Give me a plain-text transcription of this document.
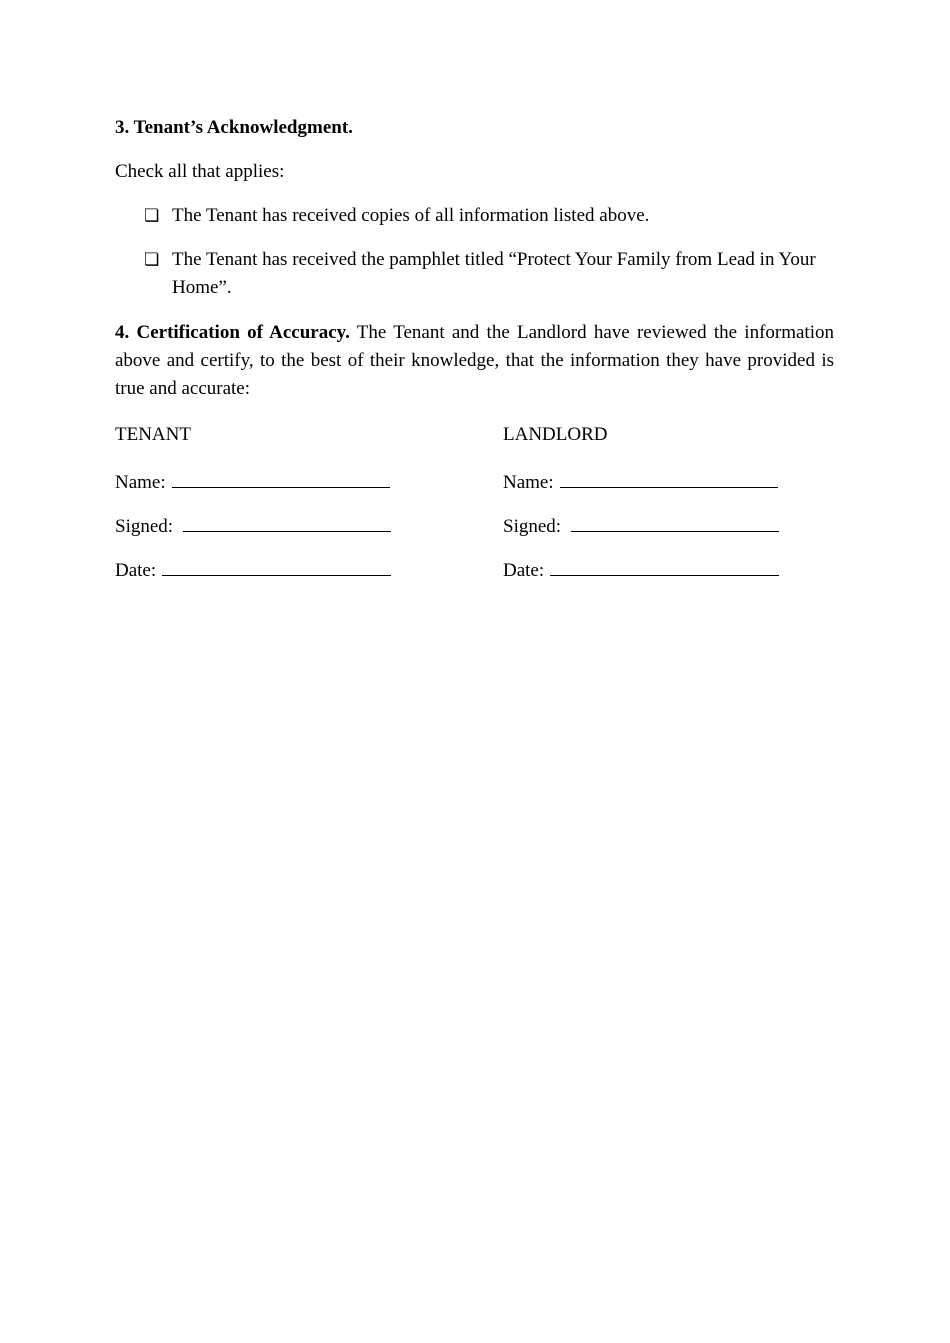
3. Tenant’s Acknowledgment.

Check all that applies:

❏ The Tenant has received copies of all information listed above.
❏ The Tenant has received the pamphlet titled “Protect Your Family from Lead in Your Home”.

4. Certification of Accuracy. The Tenant and the Landlord have reviewed the information above and certify, to the best of their knowledge, that the information they have provided is true and accurate:

TENANT
Name:
Signed:
Date:
LANDLORD
Name:
Signed:
Date:
